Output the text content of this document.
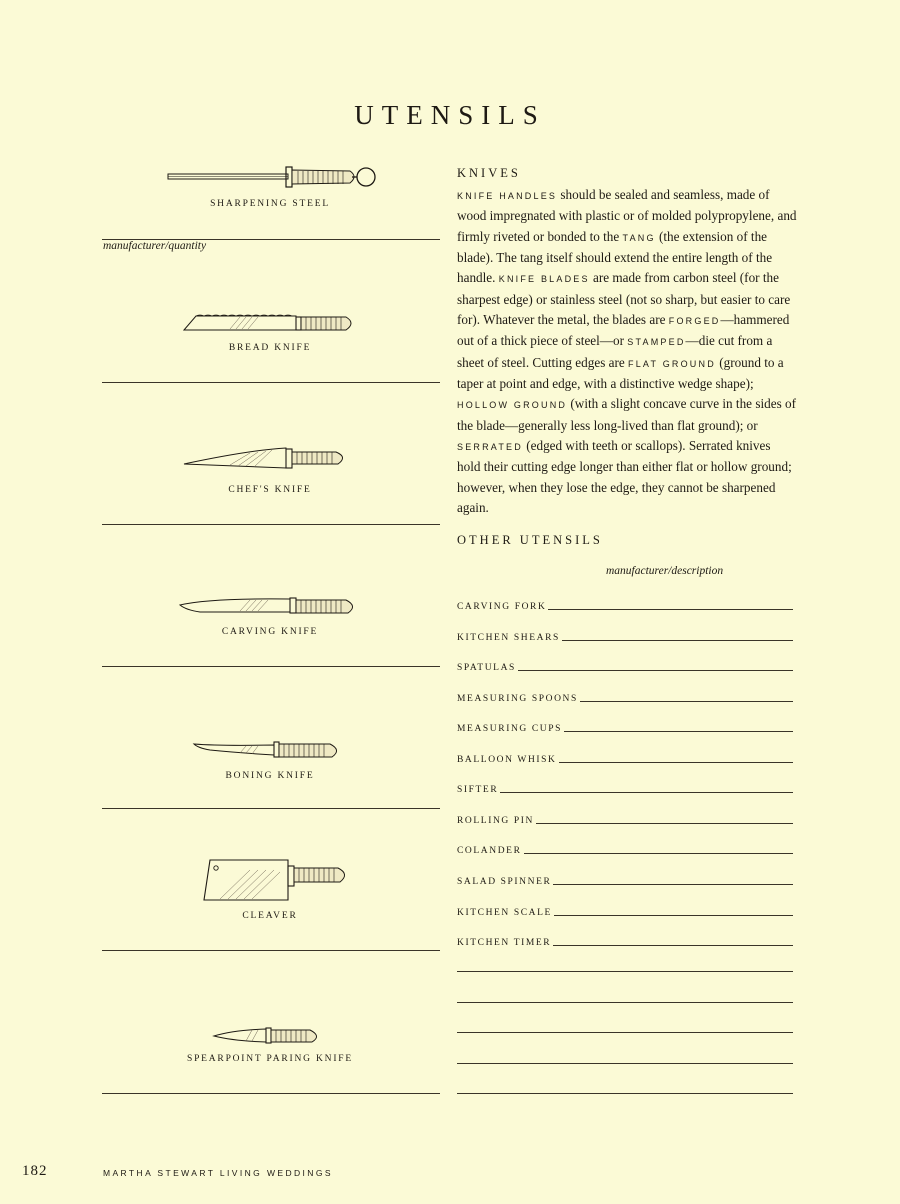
UTENSILS
SHARPENING STEEL
manufacturer/quantity
BREAD KNIFE
CHEF'S KNIFE
CARVING KNIFE
BONING KNIFE
CLEAVER
SPEARPOINT PARING KNIFE
KNIVES
KNIFE HANDLES should be sealed and seamless, made of wood impregnated with plastic or of molded polypropylene, and firmly riveted or bonded to the TANG (the extension of the blade). The tang itself should extend the entire length of the handle. KNIFE BLADES are made from carbon steel (for the sharpest edge) or stainless steel (not so sharp, but easier to care for). Whatever the metal, the blades are FORGED—hammered out of a thick piece of steel—or STAMPED—die cut from a sheet of steel. Cutting edges are FLAT GROUND (ground to a taper at point and edge, with a distinctive wedge shape); HOLLOW GROUND (with a slight concave curve in the sides of the blade—generally less long-lived than flat ground); or SERRATED (edged with teeth or scallops). Serrated knives hold their cutting edge longer than either flat or hollow ground; however, when they lose the edge, they cannot be sharpened again.
OTHER UTENSILS
manufacturer/description
CARVING FORK
KITCHEN SHEARS
SPATULAS
MEASURING SPOONS
MEASURING CUPS
BALLOON WHISK
SIFTER
ROLLING PIN
COLANDER
SALAD SPINNER
KITCHEN SCALE
KITCHEN TIMER
182	MARTHA STEWART LIVING WEDDINGS
